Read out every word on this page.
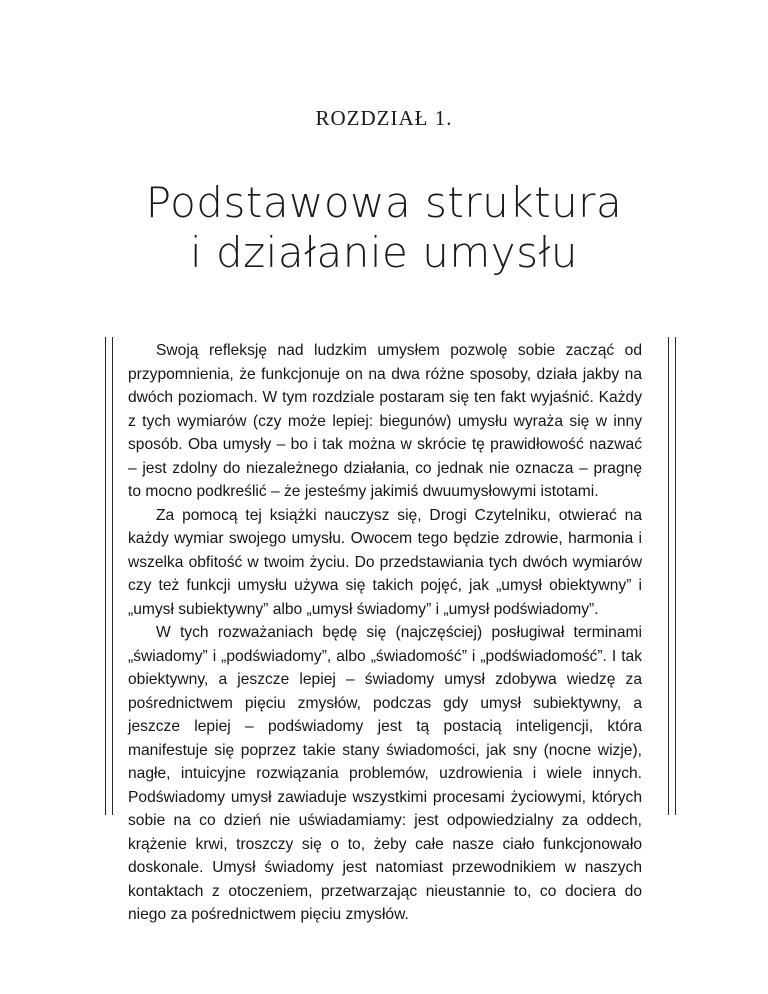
ROZDZIAŁ 1.
Podstawowa struktura
i działanie umysłu

Swoją refleksję nad ludzkim umysłem pozwolę sobie zacząć od przypomnienia, że funkcjonuje on na dwa różne sposoby, działa jakby na dwóch poziomach. W tym rozdziale postaram się ten fakt wyjaśnić. Każdy z tych wymiarów (czy może lepiej: biegunów) umysłu wyraża się w inny sposób. Oba umysły – bo i tak można w skrócie tę prawidłowość nazwać – jest zdolny do niezależnego działania, co jednak nie oznacza – pragnę to mocno podkreślić – że jesteśmy jakimiś dwuumysłowymi istotami.

Za pomocą tej książki nauczysz się, Drogi Czytelniku, otwierać na każdy wymiar swojego umysłu. Owocem tego będzie zdrowie, harmonia i wszelka obfitość w twoim życiu. Do przedstawiania tych dwóch wymiarów czy też funkcji umysłu używa się takich pojęć, jak „umysł obiektywny” i „umysł subiektywny” albo „umysł świadomy” i „umysł podświadomy”.

W tych rozważaniach będę się (najczęściej) posługiwał terminami „świadomy” i „podświadomy”, albo „świadomość” i „podświadomość”. I tak obiektywny, a jeszcze lepiej – świadomy umysł zdobywa wiedzę za pośrednictwem pięciu zmysłów, podczas gdy umysł subiektywny, a jeszcze lepiej – podświadomy jest tą postacią inteligencji, która manifestuje się poprzez takie stany świadomości, jak sny (nocne wizje), nagłe, intuicyjne rozwiązania problemów, uzdrowienia i wiele innych. Podświadomy umysł zawiaduje wszystkimi procesami życiowymi, których sobie na co dzień nie uświadamiamy: jest odpowiedzialny za oddech, krążenie krwi, troszczy się o to, żeby całe nasze ciało funkcjonowało doskonale. Umysł świadomy jest natomiast przewodnikiem w naszych kontaktach z otoczeniem, przetwarzając nieustannie to, co dociera do niego za pośrednictwem pięciu zmysłów.
